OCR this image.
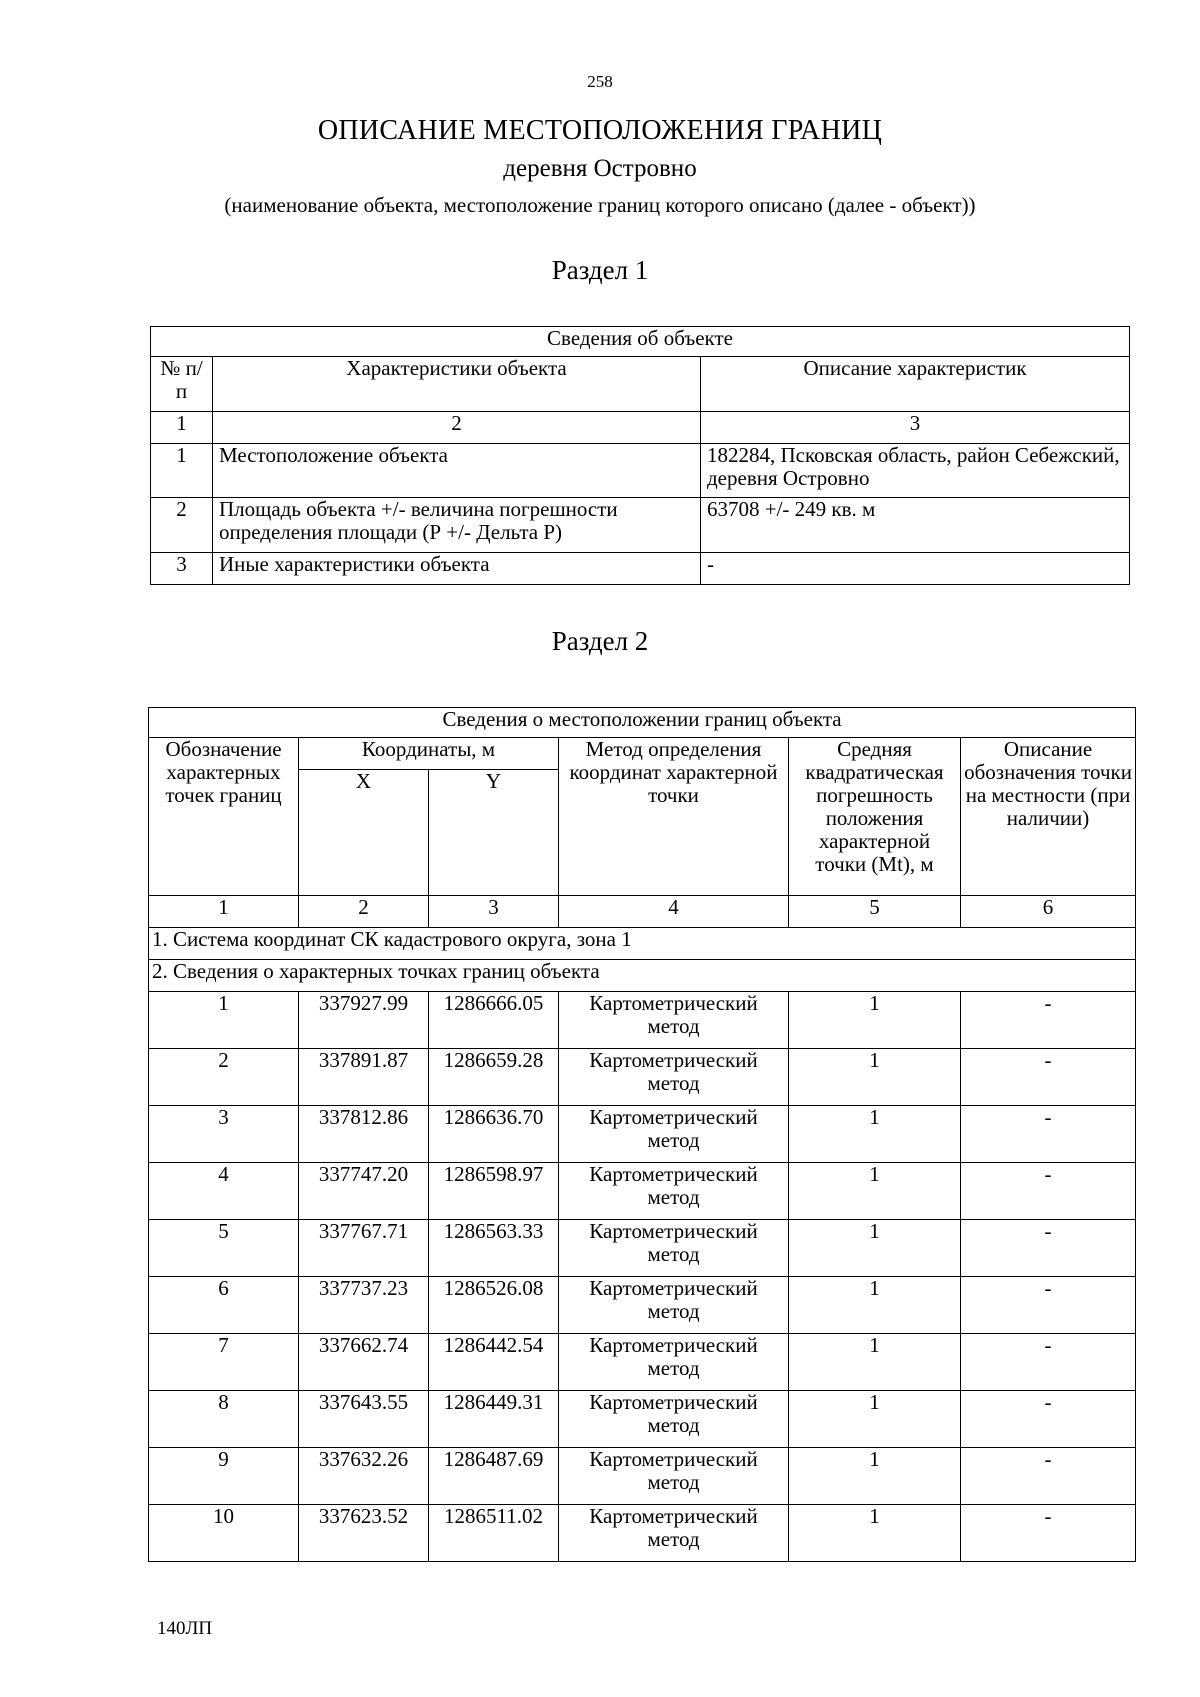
258
ОПИСАНИЕ МЕСТОПОЛОЖЕНИЯ ГРАНИЦ
деревня Островно
(наименование объекта, местоположение границ которого описано (далее - объект))
Раздел 1
Сведения об объекте		
№ п/п	Характеристики объекта	Описание характеристик
1	2	3
1	Местоположение объекта	182284, Псковская область, район Себежский, деревня Островно
2	Площадь объекта +/- величина погрешности определения площади (Р +/- Дельта Р)	63708 +/- 249 кв. м
3	Иные характеристики объекта	-
Раздел 2
Сведения о местоположении границ объекта					
Обозначение характерных точек границ	Координаты, м		Метод определения координат характерной точки	Средняя квадратическая погрешность положения характерной точки (Mt), м	Описание обозначения точки на местности (при наличии)
	X	Y			
1	2	3	4	5	6
1. Система координат СК кадастрового округа, зона 1					
2. Сведения о характерных точках границ объекта					
1	337927.99	1286666.05	Картометрический метод	1	-
2	337891.87	1286659.28	Картометрический метод	1	-
3	337812.86	1286636.70	Картометрический метод	1	-
4	337747.20	1286598.97	Картометрический метод	1	-
5	337767.71	1286563.33	Картометрический метод	1	-
6	337737.23	1286526.08	Картометрический метод	1	-
7	337662.74	1286442.54	Картометрический метод	1	-
8	337643.55	1286449.31	Картометрический метод	1	-
9	337632.26	1286487.69	Картометрический метод	1	-
10	337623.52	1286511.02	Картометрический метод	1	-
140ЛП
